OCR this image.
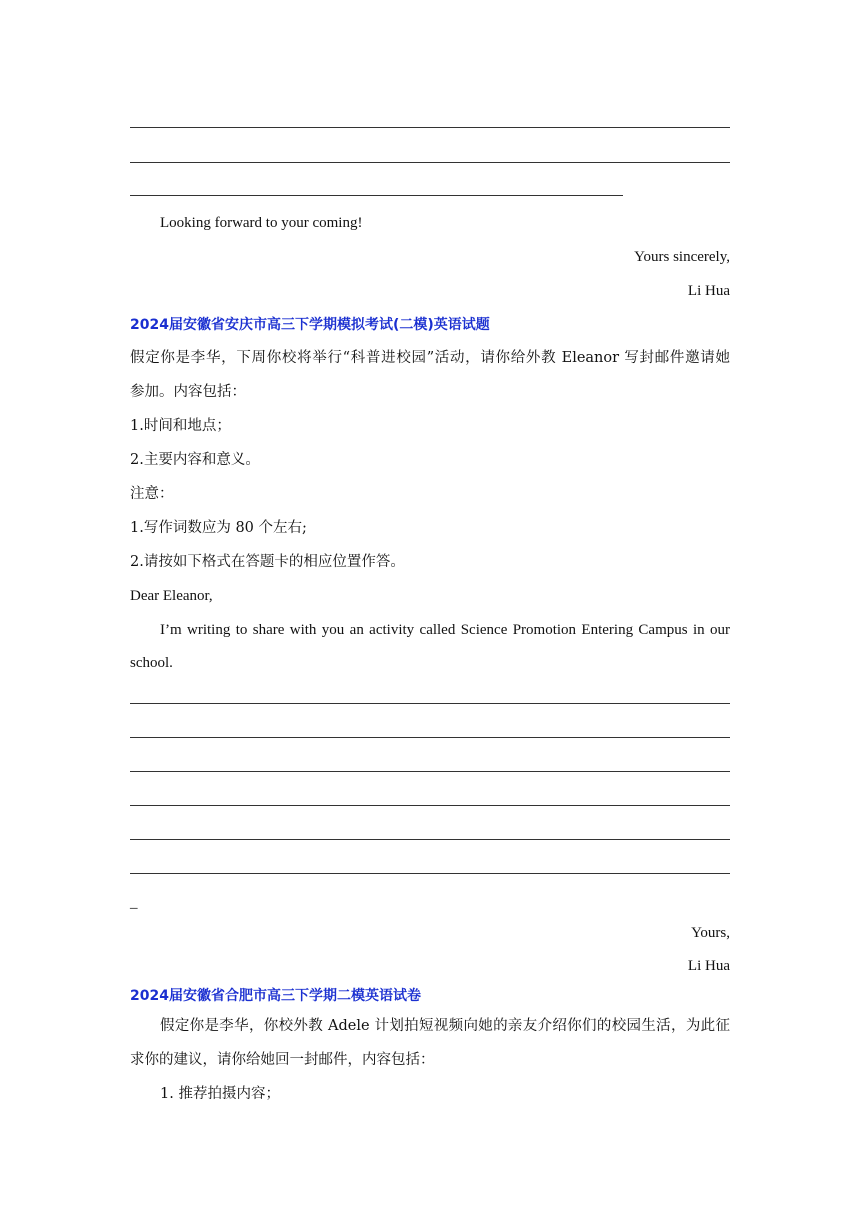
Looking forward to your coming!
Yours sincerely,
Li Hua
2024届安徽省安庆市高三下学期模拟考试(二模)英语试题
假定你是李华，下周你校将举行“科普进校园”活动，请你给外教 Eleanor 写封邮件邀请她
参加。内容包括：
1.时间和地点；
2.主要内容和意义。
注意：
1.写作词数应为 80 个左右;
2.请按如下格式在答题卡的相应位置作答。
Dear Eleanor,
I’m writing to share with you an activity called Science Promotion Entering Campus in our
school.
_
Yours,
Li Hua
2024届安徽省合肥市高三下学期二模英语试卷
假定你是李华，你校外教 Adele 计划拍短视频向她的亲友介绍你们的校园生活，为此征
求你的建议，请你给她回一封邮件，内容包括：
1. 推荐拍摄内容；
